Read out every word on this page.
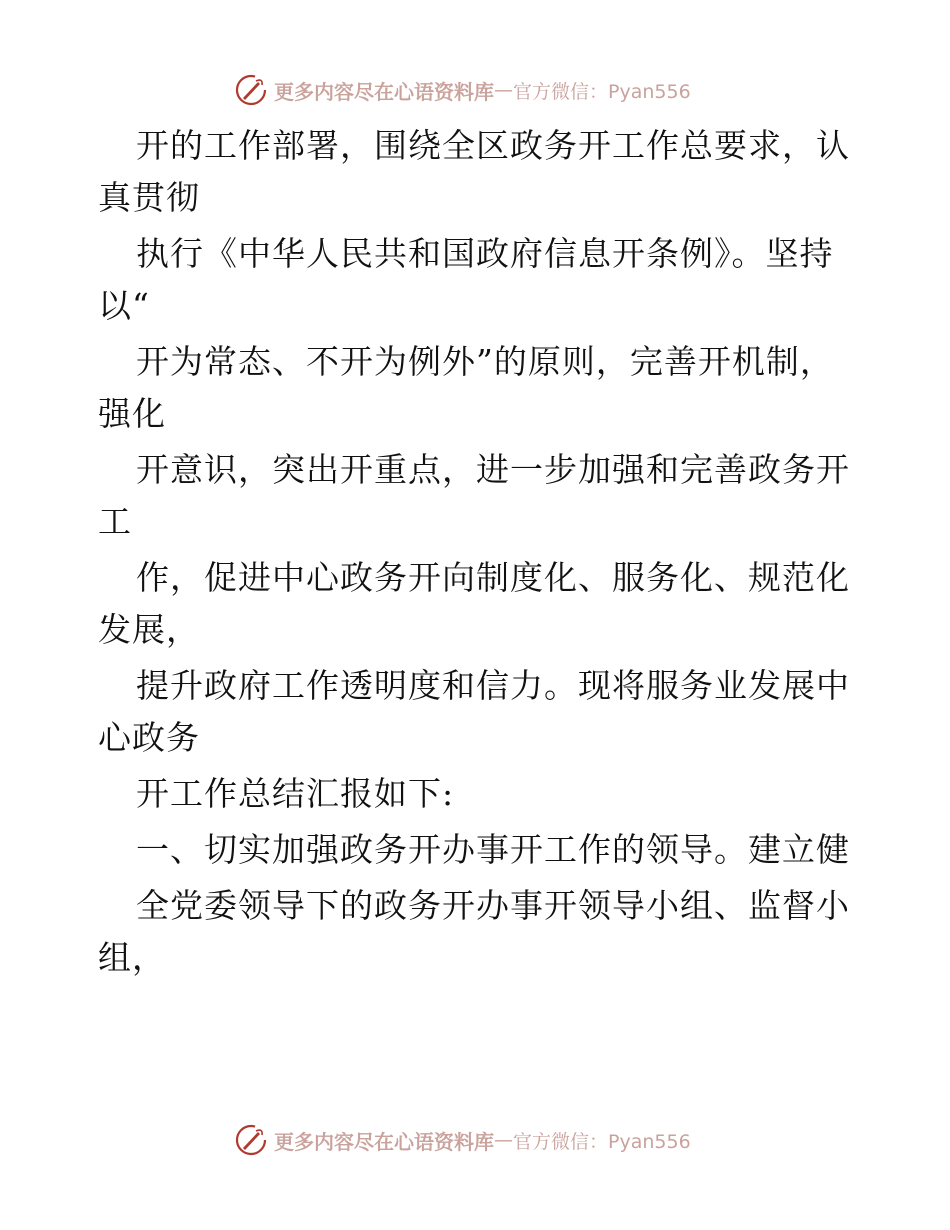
更多内容尽在心语资料库 — 官方微信：Pyan556
开的工作部署，围绕全区政务开工作总要求，认
真贯彻
执行《中华人民共和国政府信息开条例》。坚持
以“
开为常态、不开为例外”的原则，完善开机制，
强化
开意识，突出开重点，进一步加强和完善政务开
工
作，促进中心政务开向制度化、服务化、规范化
发展，
提升政府工作透明度和信力。现将服务业发展中
心政务
开工作总结汇报如下:
一、切实加强政务开办事开工作的领导。建立健
全党委领导下的政务开办事开领导小组、监督小
组，
更多内容尽在心语资料库 — 官方微信：Pyan556
